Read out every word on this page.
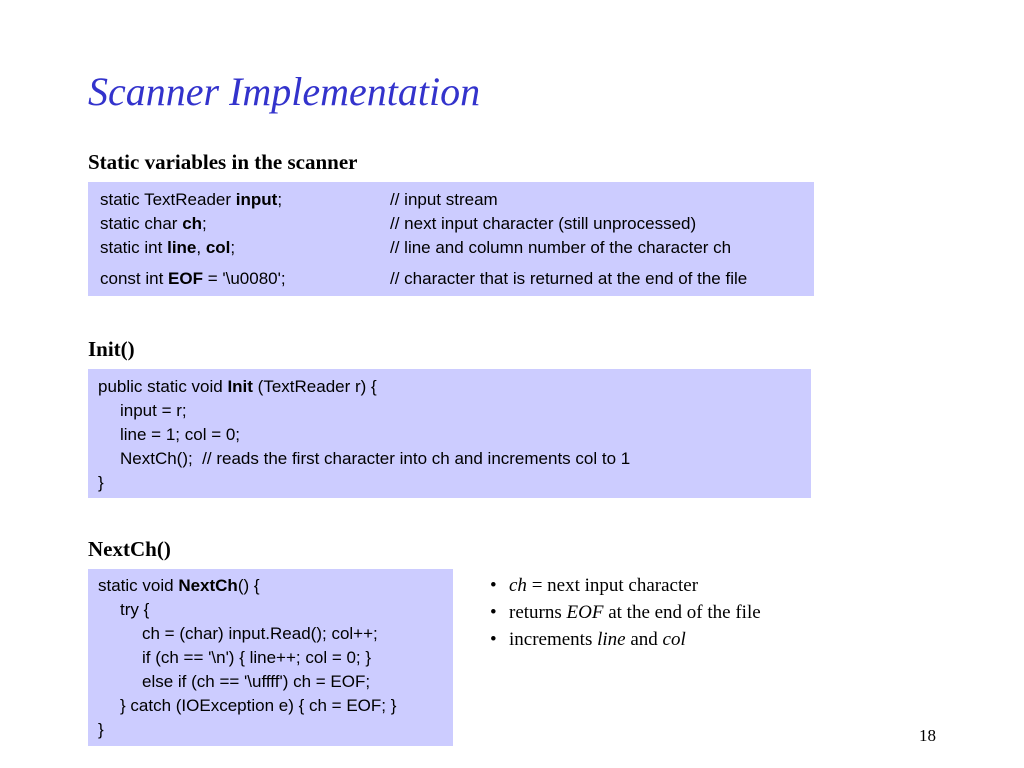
Scanner Implementation
Static variables in the scanner
static TextReader input;	// input stream
static char ch;	// next input character (still unprocessed)
static int line, col;	// line and column number of the character ch
const int EOF = '\u0080';	// character that is returned at the end of the file
Init()
public static void Init (TextReader r) {
input = r;
line = 1; col = 0;
NextCh();  // reads the first character into ch and increments col to 1
}
NextCh()
static void NextCh() {
try {
ch = (char) input.Read(); col++;
if (ch == '\n') { line++; col = 0; }
else if (ch == '\uffff') ch = EOF;
} catch (IOException e) { ch = EOF; }
}
• ch = next input character
• returns EOF at the end of the file
• increments line and col
18
